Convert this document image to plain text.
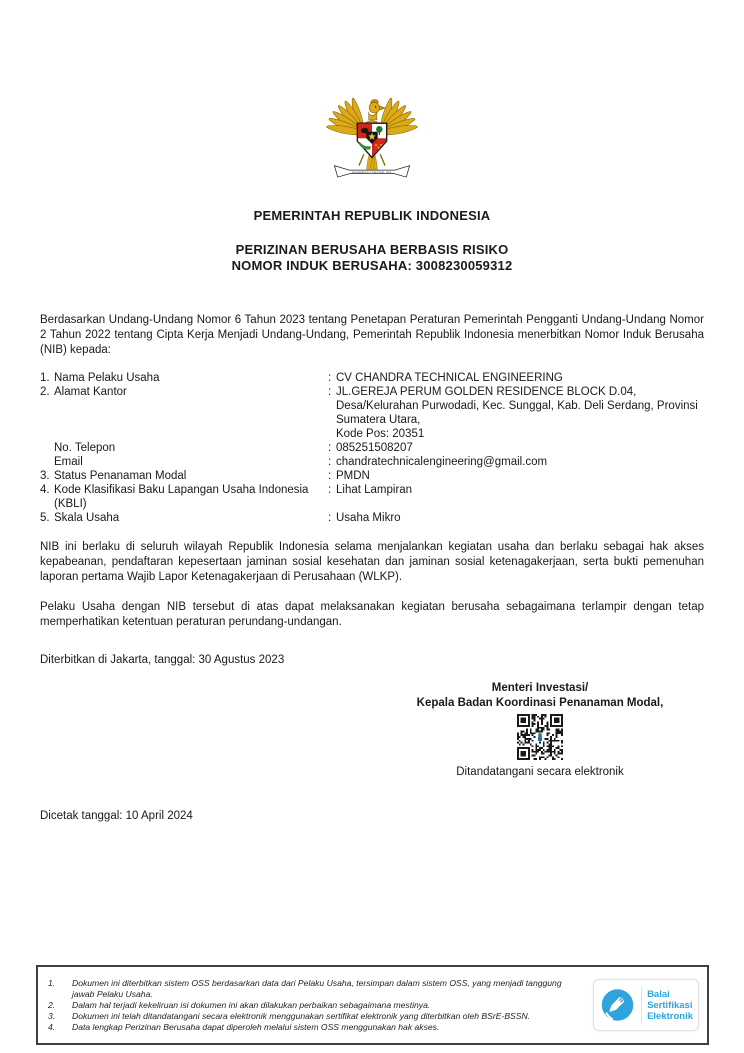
BHINNEKA TUNGGAL IKA
PEMERINTAH REPUBLIK INDONESIA
PERIZINAN BERUSAHA BERBASIS RISIKO
NOMOR INDUK BERUSAHA: 3008230059312

Berdasarkan Undang-Undang Nomor 6 Tahun 2023 tentang Penetapan Peraturan Pemerintah Pengganti Undang-Undang Nomor 2 Tahun 2022 tentang Cipta Kerja Menjadi Undang-Undang, Pemerintah Republik Indonesia menerbitkan Nomor Induk Berusaha (NIB) kepada:

1. Nama Pelaku Usaha	: CV CHANDRA TECHNICAL ENGINEERING
2. Alamat Kantor	: JL.GEREJA PERUM GOLDEN RESIDENCE BLOCK D.04,
Desa/Kelurahan Purwodadi, Kec. Sunggal, Kab. Deli Serdang, Provinsi
Sumatera Utara,
Kode Pos: 20351
No. Telepon	: 085251508207
Email	: chandratechnicalengineering@gmail.com
3. Status Penanaman Modal	: PMDN
4. Kode Klasifikasi Baku Lapangan Usaha Indonesia
(KBLI)
: Lihat Lampiran
5. Skala Usaha	: Usaha Mikro

NIB ini berlaku di seluruh wilayah Republik Indonesia selama menjalankan kegiatan usaha dan berlaku sebagai hak akses kepabeanan, pendaftaran kepesertaan jaminan sosial kesehatan dan jaminan sosial ketenagakerjaan, serta bukti pemenuhan laporan pertama Wajib Lapor Ketenagakerjaan di Perusahaan (WLKP).

Pelaku Usaha dengan NIB tersebut di atas dapat melaksanakan kegiatan berusaha sebagaimana terlampir dengan tetap memperhatikan ketentuan peraturan perundang-undangan.

Diterbitkan di Jakarta, tanggal: 30 Agustus 2023
Menteri Investasi/
Kepala Badan Koordinasi Penanaman Modal,
Ditandatangani secara elektronik
Dicetak tanggal: 10 April 2024
1.	Dokumen ini diterbitkan sistem OSS berdasarkan data dari Pelaku Usaha, tersimpan dalam sistem OSS, yang menjadi tanggung jawab Pelaku Usaha.
2.	Dalam hal terjadi kekeliruan isi dokumen ini akan dilakukan perbaikan sebagaimana mestinya.
3.	Dokumen ini telah ditandatangani secara elektronik menggunakan sertifikat elektronik yang diterbitkan oleh BSrE-BSSN.
4.	Data lengkap Perizinan Berusaha dapat diperoleh melalui sistem OSS menggunakan hak akses.
Balai
Sertifikasi
Elektronik
